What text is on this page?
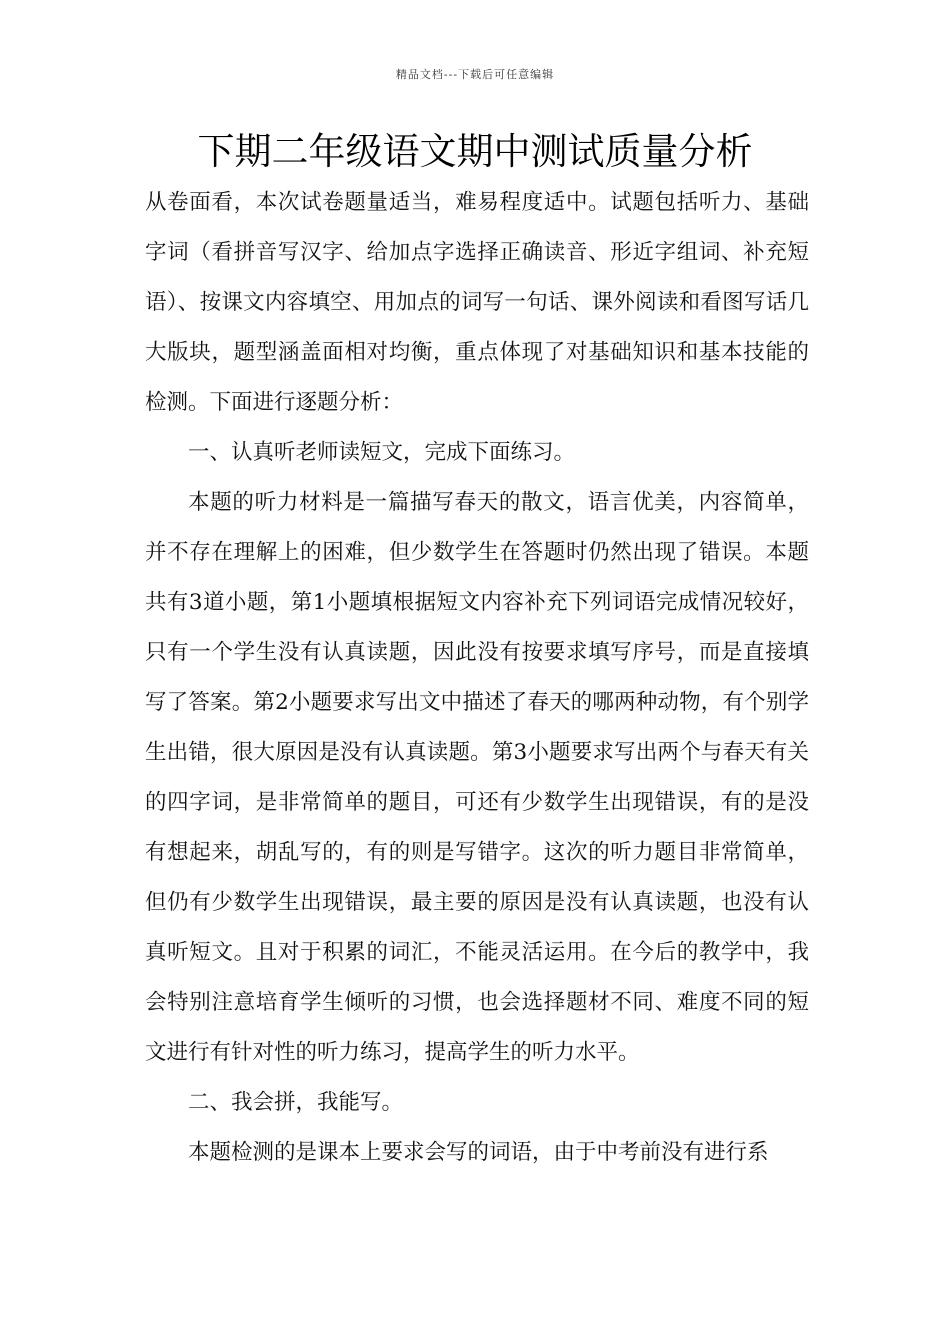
精品文档---下载后可任意编辑
下期二年级语文期中测试质量分析

从卷面看，本次试卷题量适当，难易程度适中。试题包括听力、基础字词（看拼音写汉字、给加点字选择正确读音、形近字组词、补充短语）、按课文内容填空、用加点的词写一句话、课外阅读和看图写话几大版块，题型涵盖面相对均衡，重点体现了对基础知识和基本技能的检测。下面进行逐题分析：

一、认真听老师读短文，完成下面练习。

本题的听力材料是一篇描写春天的散文，语言优美，内容简单，并不存在理解上的困难，但少数学生在答题时仍然出现了错误。本题共有3道小题，第1小题填根据短文内容补充下列词语完成情况较好，只有一个学生没有认真读题，因此没有按要求填写序号，而是直接填写了答案。第2小题要求写出文中描述了春天的哪两种动物，有个别学生出错，很大原因是没有认真读题。第3小题要求写出两个与春天有关的四字词，是非常简单的题目，可还有少数学生出现错误，有的是没有想起来，胡乱写的，有的则是写错字。这次的听力题目非常简单，但仍有少数学生出现错误，最主要的原因是没有认真读题，也没有认真听短文。且对于积累的词汇，不能灵活运用。在今后的教学中，我会特别注意培育学生倾听的习惯，也会选择题材不同、难度不同的短文进行有针对性的听力练习，提高学生的听力水平。

二、我会拼，我能写。

本题检测的是课本上要求会写的词语，由于中考前没有进行系
